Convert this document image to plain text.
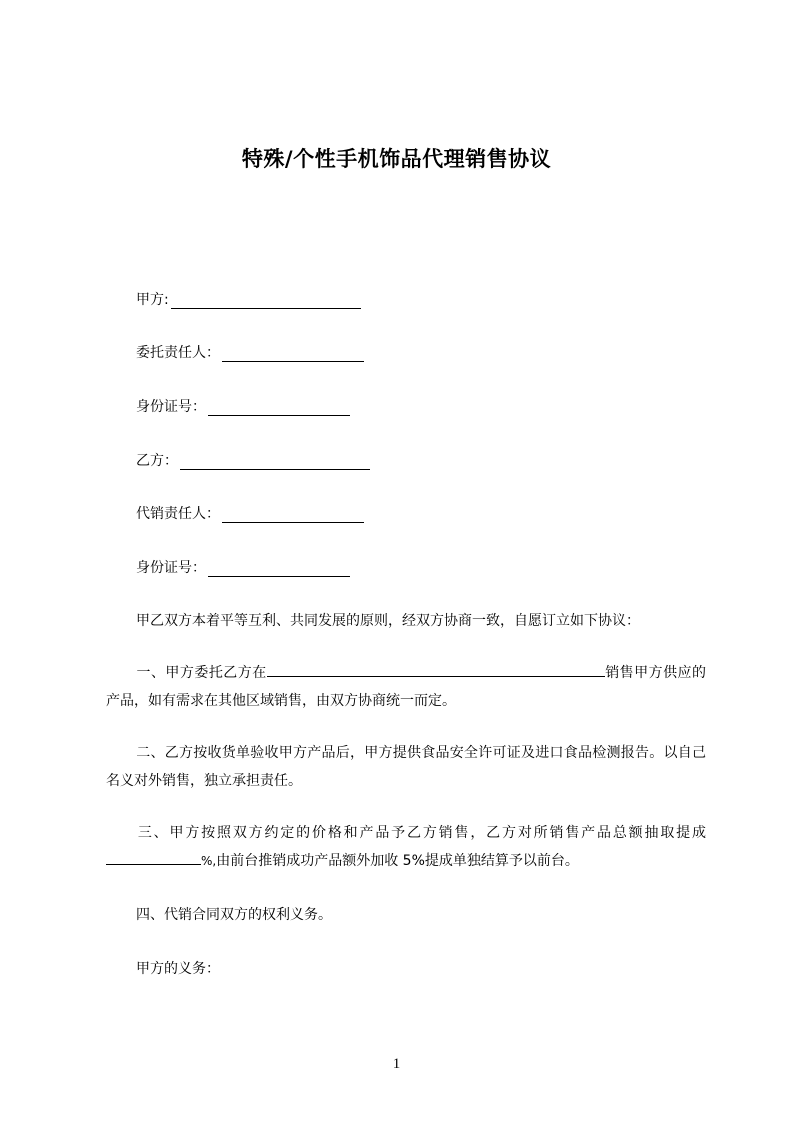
特殊/个性手机饰品代理销售协议
甲方:
委托责任人：
身份证号：
乙方：
代销责任人：
身份证号：
甲乙双方本着平等互利、共同发展的原则，经双方协商一致，自愿订立如下协议：
一、甲方委托乙方在	销售甲方供应的产品，如有需求在其他区域销售，由双方协商统一而定。
二、乙方按收货单验收甲方产品后，甲方提供食品安全许可证及进口食品检测报告。以自己名义对外销售，独立承担责任。
三、甲方按照双方约定的价格和产品予乙方销售，乙方对所销售产品总额抽取提成%,由前台推销成功产品额外加收 5%提成单独结算予以前台。
四、代销合同双方的权利义务。
甲方的义务：
1
